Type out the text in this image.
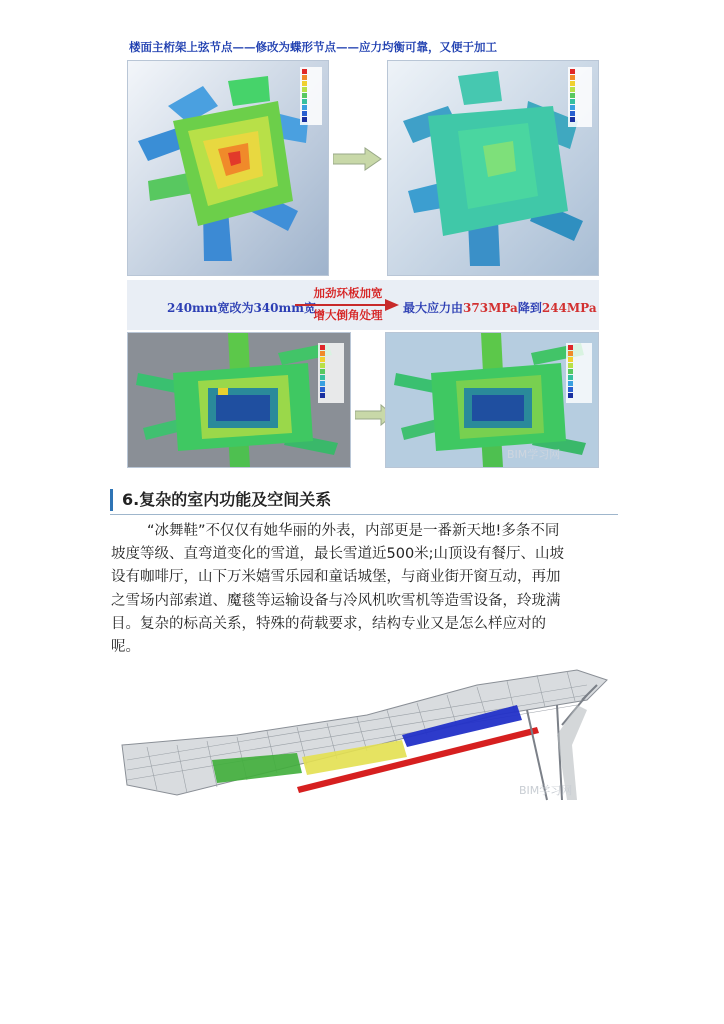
楼面主桁架上弦节点——修改为蝶形节点——应力均衡可靠，又便于加工
240mm宽改为340mm宽
加劲环板加宽
增大倒角处理	最大应力由373MPa降到244MPa
BIM学习网
6.复杂的室内功能及空间关系
“冰舞鞋”不仅仅有她华丽的外表，内部更是一番新天地!多条不同
坡度等级、直弯道变化的雪道，最长雪道近500米;山顶设有餐厅、山坡
设有咖啡厅，山下万米嬉雪乐园和童话城堡，与商业街开窗互动，再加
之雪场内部索道、魔毯等运输设备与冷风机吹雪机等造雪设备，玲珑满
目。复杂的标高关系，特殊的荷载要求，结构专业又是怎么样应对的
呢。
BIM学习网
